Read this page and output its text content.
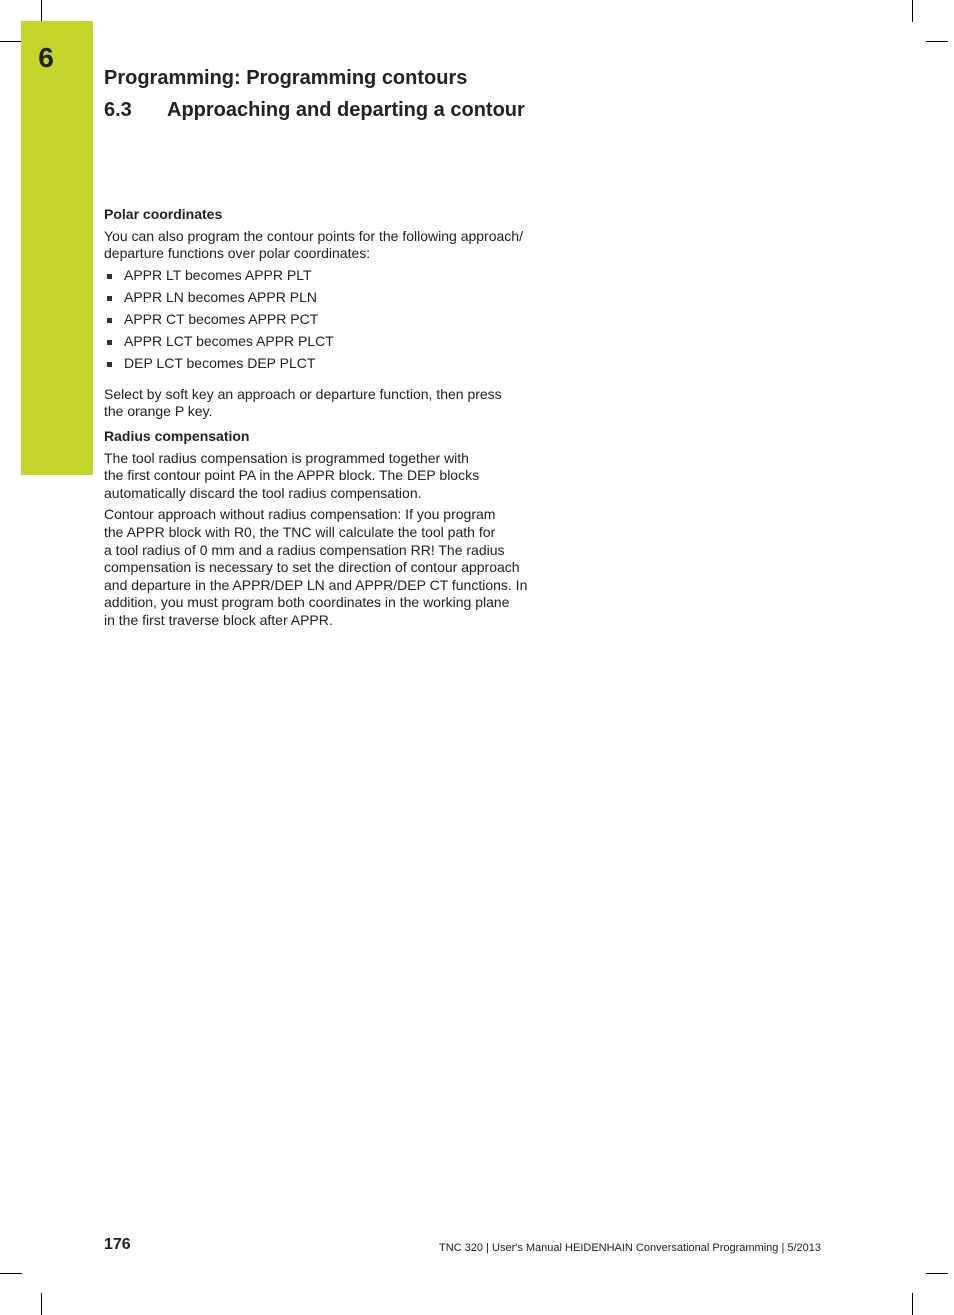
6
Programming: Programming contours
6.3 Approaching and departing a contour
Polar coordinates

You can also program the contour points for the following approach/
departure functions over polar coordinates:

APPR LT becomes APPR PLT
APPR LN becomes APPR PLN
APPR CT becomes APPR PCT
APPR LCT becomes APPR PLCT
DEP LCT becomes DEP PLCT

Select by soft key an approach or departure function, then press
the orange P key.

Radius compensation

The tool radius compensation is programmed together with
the first contour point PA in the APPR block. The DEP blocks
automatically discard the tool radius compensation.

Contour approach without radius compensation: If you program
the APPR block with R0, the TNC will calculate the tool path for
a tool radius of 0 mm and a radius compensation RR! The radius
compensation is necessary to set the direction of contour approach
and departure in the APPR/DEP LN and APPR/DEP CT functions. In
addition, you must program both coordinates in the working plane
in the first traverse block after APPR.

176	TNC 320 | User's Manual HEIDENHAIN Conversational Programming | 5/2013
